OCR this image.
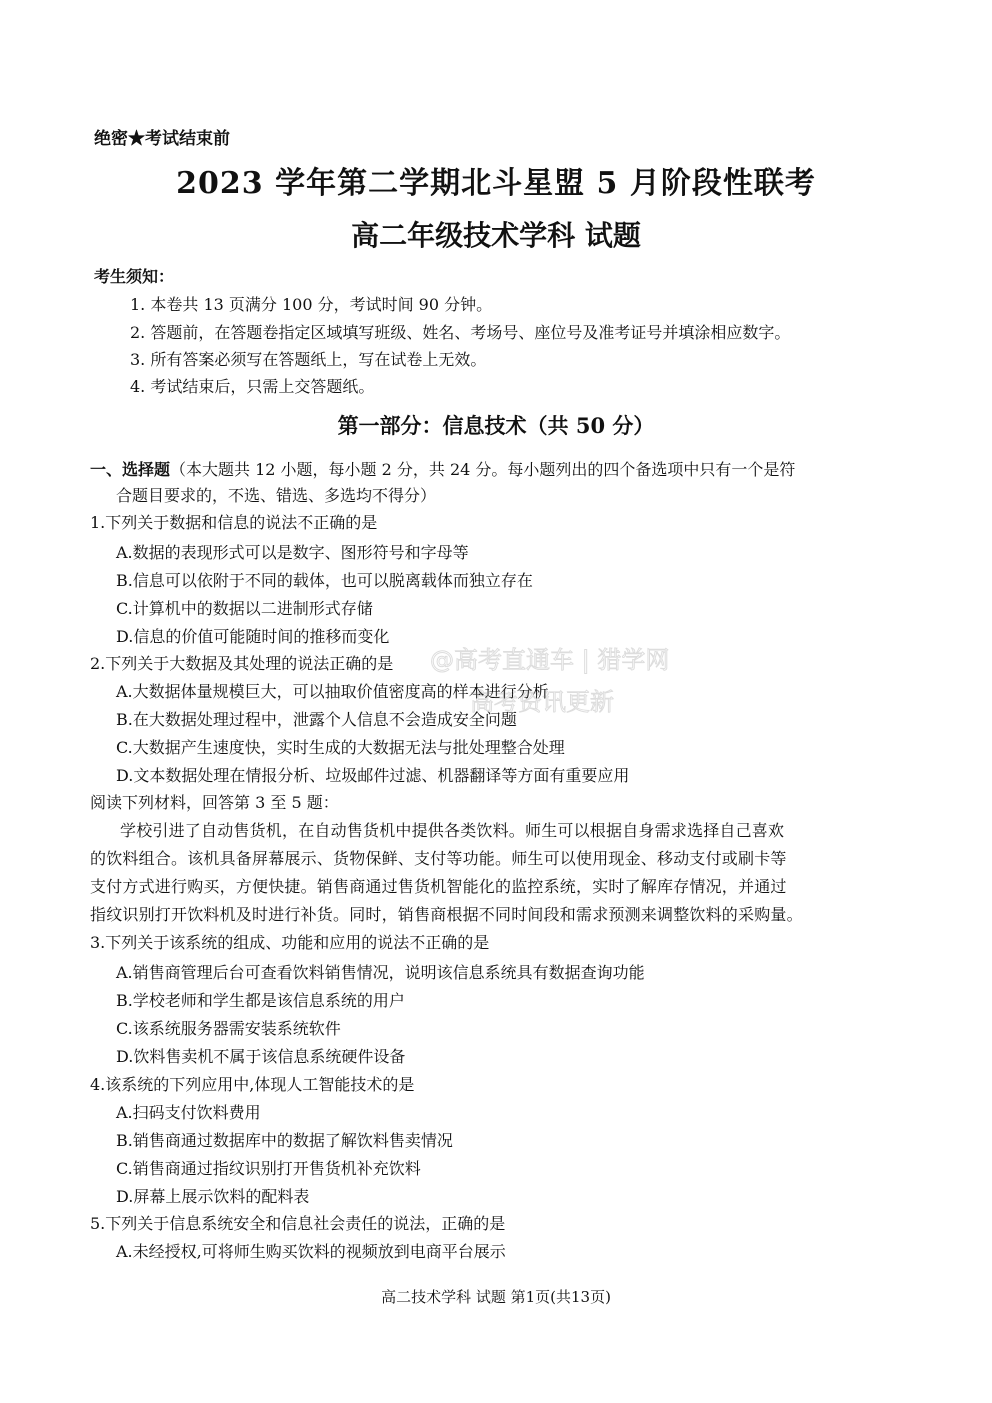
绝密★考试结束前
2023 学年第二学期北斗星盟 5 月阶段性联考
高二年级技术学科 试题
考生须知：
1. 本卷共 13 页满分 100 分，考试时间 90 分钟。
2. 答题前，在答题卷指定区域填写班级、姓名、考场号、座位号及准考证号并填涂相应数字。
3. 所有答案必须写在答题纸上，写在试卷上无效。
4. 考试结束后，只需上交答题纸。
第一部分：信息技术（共 50 分）
一、选择题（本大题共 12 小题，每小题 2 分，共 24 分。每小题列出的四个备选项中只有一个是符
合题目要求的，不选、错选、多选均不得分）
1.下列关于数据和信息的说法不正确的是
A.数据的表现形式可以是数字、图形符号和字母等
B.信息可以依附于不同的载体，也可以脱离载体而独立存在
C.计算机中的数据以二进制形式存储
D.信息的价值可能随时间的推移而变化
2.下列关于大数据及其处理的说法正确的是
A.大数据体量规模巨大，可以抽取价值密度高的样本进行分析
B.在大数据处理过程中，泄露个人信息不会造成安全问题
C.大数据产生速度快，实时生成的大数据无法与批处理整合处理
D.文本数据处理在情报分析、垃圾邮件过滤、机器翻译等方面有重要应用
阅读下列材料，回答第 3 至 5 题：
学校引进了自动售货机，在自动售货机中提供各类饮料。师生可以根据自身需求选择自己喜欢
的饮料组合。该机具备屏幕展示、货物保鲜、支付等功能。师生可以使用现金、移动支付或刷卡等
支付方式进行购买，方便快捷。销售商通过售货机智能化的监控系统，实时了解库存情况，并通过
指纹识别打开饮料机及时进行补货。同时，销售商根据不同时间段和需求预测来调整饮料的采购量。
3.下列关于该系统的组成、功能和应用的说法不正确的是
A.销售商管理后台可查看饮料销售情况，说明该信息系统具有数据查询功能
B.学校老师和学生都是该信息系统的用户
C.该系统服务器需安装系统软件
D.饮料售卖机不属于该信息系统硬件设备
4.该系统的下列应用中,体现人工智能技术的是
A.扫码支付饮料费用
B.销售商通过数据库中的数据了解饮料售卖情况
C.销售商通过指纹识别打开售货机补充饮料
D.屏幕上展示饮料的配料表
5.下列关于信息系统安全和信息社会责任的说法，正确的是
A.未经授权,可将师生购买饮料的视频放到电商平台展示
@高考直通车 | 猎学网
高考资讯更新
高二技术学科 试题 第1页(共13页)
